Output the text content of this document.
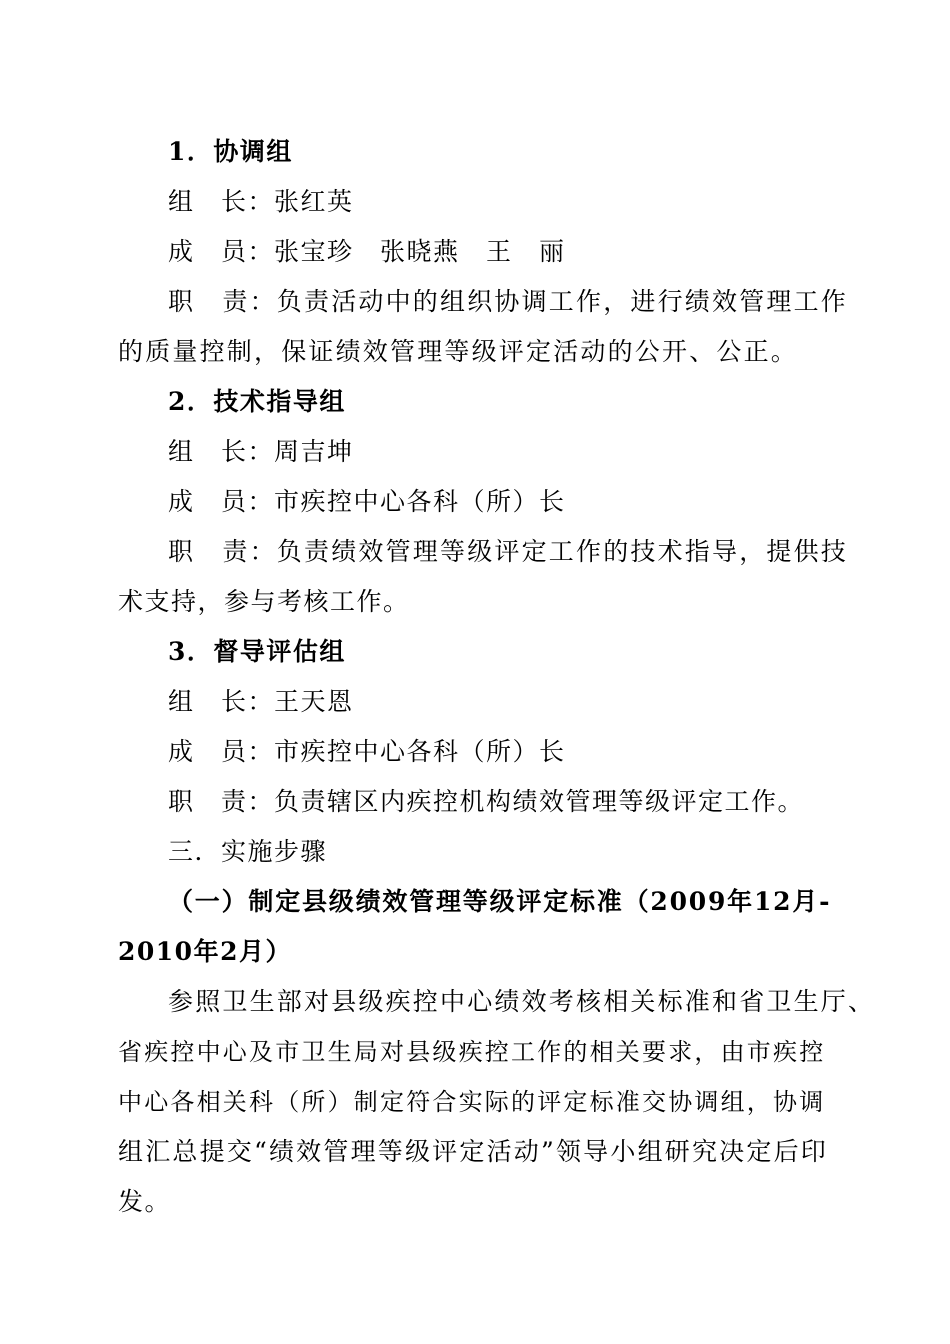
1．协调组
组　长：张红英
成　员：张宝珍　张晓燕　王　丽
职　责：负责活动中的组织协调工作，进行绩效管理工作
的质量控制，保证绩效管理等级评定活动的公开、公正。
2．技术指导组
组　长：周吉坤
成　员：市疾控中心各科（所）长
职　责：负责绩效管理等级评定工作的技术指导，提供技
术支持，参与考核工作。
3．督导评估组
组　长：王天恩
成　员：市疾控中心各科（所）长
职　责：负责辖区内疾控机构绩效管理等级评定工作。
三．实施步骤
（一）制定县级绩效管理等级评定标准（2009年12月-
2010年2月）
参照卫生部对县级疾控中心绩效考核相关标准和省卫生厅、
省疾控中心及市卫生局对县级疾控工作的相关要求，由市疾控
中心各相关科（所）制定符合实际的评定标准交协调组，协调
组汇总提交“绩效管理等级评定活动”领导小组研究决定后印
发。
